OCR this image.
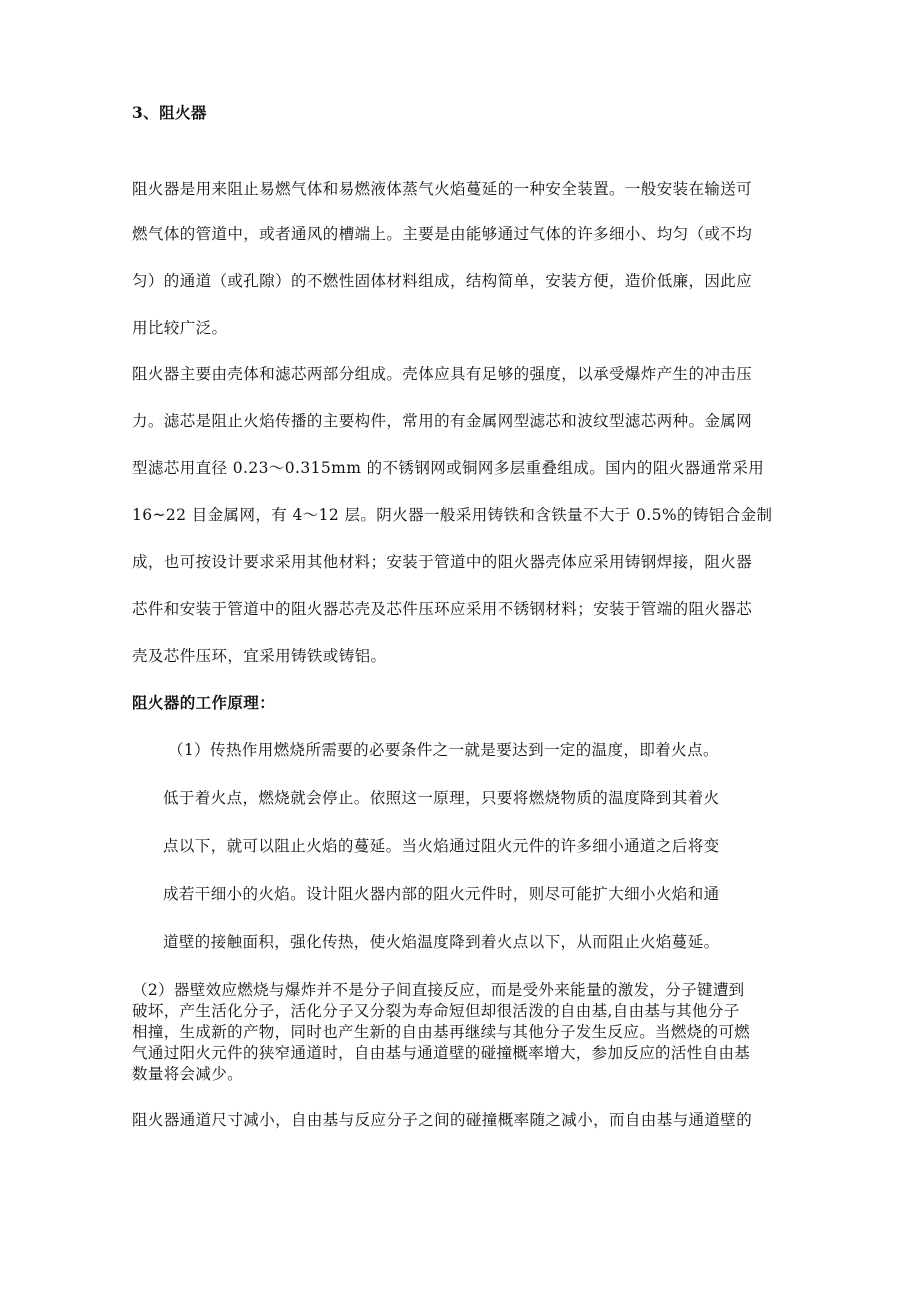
3、阻火器
阻火器是用来阻止易燃气体和易燃液体蒸气火焰蔓延的一种安全装置。一般安装在输送可
燃气体的管道中，或者通风的槽端上。主要是由能够通过气体的许多细小、均匀（或不均
匀）的通道（或孔隙）的不燃性固体材料组成，结构简单，安装方便，造价低廉，因此应
用比较广泛。
阻火器主要由壳体和滤芯两部分组成。壳体应具有足够的强度，以承受爆炸产生的冲击压
力。滤芯是阻止火焰传播的主要构件，常用的有金属网型滤芯和波纹型滤芯两种。金属网
型滤芯用直径 0.23～0.315mm 的不锈钢网或铜网多层重叠组成。国内的阻火器通常采用
16~22 目金属网，有 4～12 层。阴火器一般采用铸铁和含铁量不大于 0.5%的铸铝合金制
成，也可按设计要求采用其他材料；安装于管道中的阻火器壳体应采用铸钢焊接，阻火器
芯件和安装于管道中的阻火器芯壳及芯件压环应采用不锈钢材料；安装于管端的阻火器芯
壳及芯件压环，宜采用铸铁或铸铝。
阻火器的工作原理：
（1）传热作用燃烧所需要的必要条件之一就是要达到一定的温度，即着火点。
低于着火点，燃烧就会停止。依照这一原理，只要将燃烧物质的温度降到其着火
点以下，就可以阻止火焰的蔓延。当火焰通过阻火元件的许多细小通道之后将变
成若干细小的火焰。设计阻火器内部的阻火元件时，则尽可能扩大细小火焰和通
道壁的接触面积，强化传热，使火焰温度降到着火点以下，从而阻止火焰蔓延。
（2）器壁效应燃烧与爆炸并不是分子间直接反应，而是受外来能量的激发，分子键遭到
破坏，产生活化分子，活化分子又分裂为寿命短但却很活泼的自由基,自由基与其他分子
相撞，生成新的产物，同时也产生新的自由基再继续与其他分子发生反应。当燃烧的可燃
气通过阳火元件的狭窄通道时，自由基与通道壁的碰撞概率增大，参加反应的活性自由基
数量将会减少。
阻火器通道尺寸减小，自由基与反应分子之间的碰撞概率随之减小，而自由基与通道壁的
